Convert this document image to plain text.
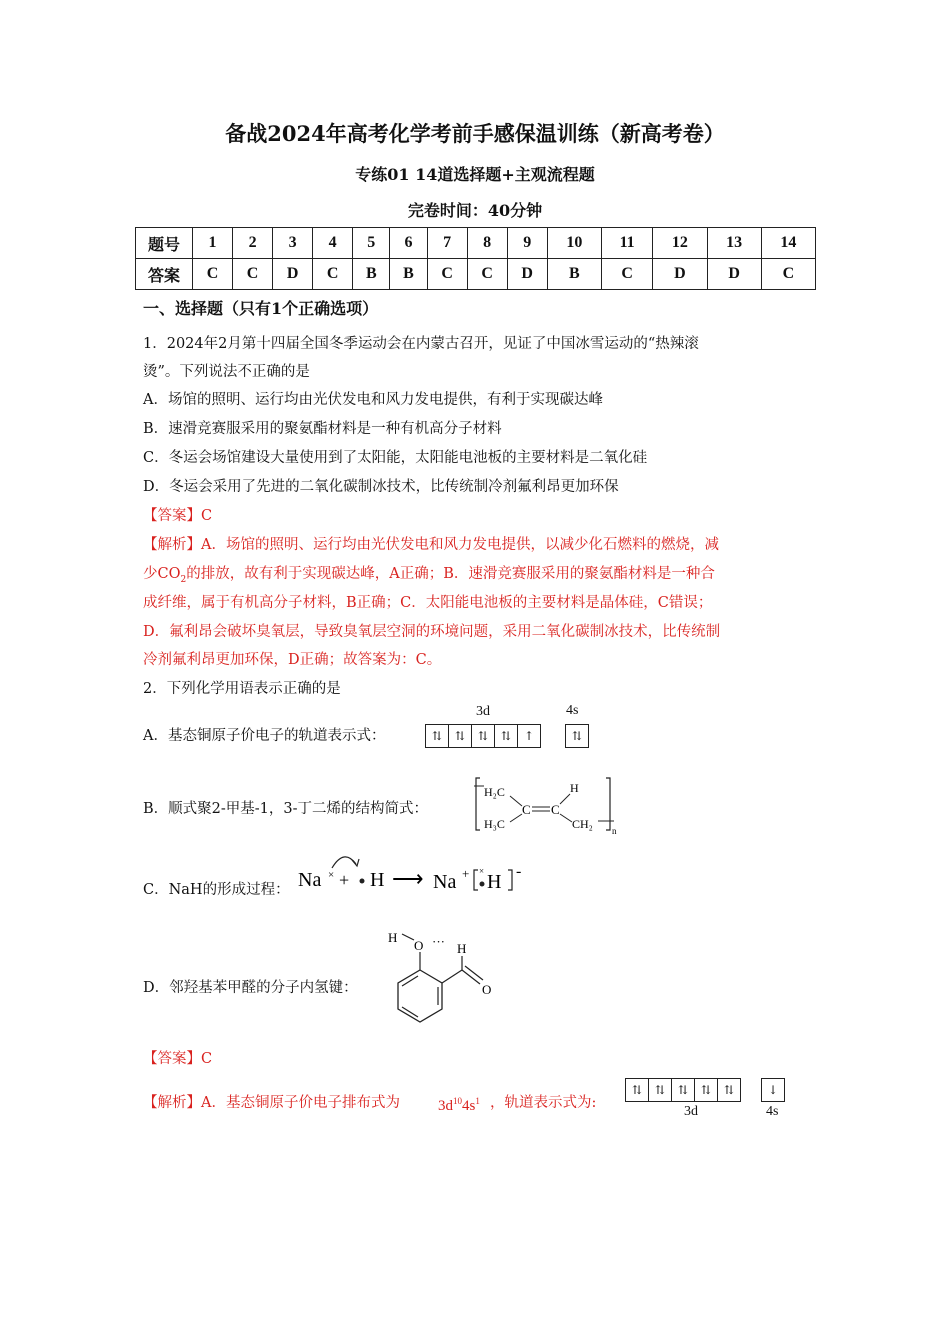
备战2024年高考化学考前手感保温训练（新高考卷）
专练01 14道选择题+主观流程题
完卷时间：40分钟
题号	1	2	3	4	5	6	7	8	9	10	11	12	13	14
答案	C	C	D	C	B	B	C	C	D	B	C	D	D	C
一、选择题（只有1个正确选项）
1．2024年2月第十四届全国冬季运动会在内蒙古召开，见证了中国冰雪运动的“热辣滚
烫”。下列说法不正确的是
A．场馆的照明、运行均由光伏发电和风力发电提供，有利于实现碳达峰
B．速滑竞赛服采用的聚氨酯材料是一种有机高分子材料
C．冬运会场馆建设大量使用到了太阳能，太阳能电池板的主要材料是二氧化硅
D．冬运会采用了先进的二氧化碳制冰技术，比传统制冷剂氟利昂更加环保
【答案】C
【解析】A．场馆的照明、运行均由光伏发电和风力发电提供，以减少化石燃料的燃烧，减
少$CO_2$的排放，故有利于实现碳达峰，A正确；B．速滑竞赛服采用的聚氨酯材料是一种合
成纤维，属于有机高分子材料，B正确；C．太阳能电池板的主要材料是晶体硅，C错误；
D．氟利昂会破坏臭氧层，导致臭氧层空洞的环境问题，采用二氧化碳制冰技术，比传统制
冷剂氟利昂更加环保，D正确；故答案为：C。
2．下列化学用语表示正确的是
A．基态铜原子价电子的轨道表示式：
3d	4s
⇅	⇅	⇅	⇅	↑	⇅
B．顺式聚2-甲基-1，3-丁二烯的结构简式：
H₂C
H₃C
C C
H
CH₂ n
C．NaH的形成过程： Na × + H ⟶ Na + × H -
D．邻羟基苯甲醛的分子内氢键：
O
H	··· H
O
【答案】C
【解析】A．基态铜原子价电子排布式为	$3d^{10}4s^1$ ，轨道表示式为:
⇅	⇅	⇅	⇅	⇅	↓
3d	4s
